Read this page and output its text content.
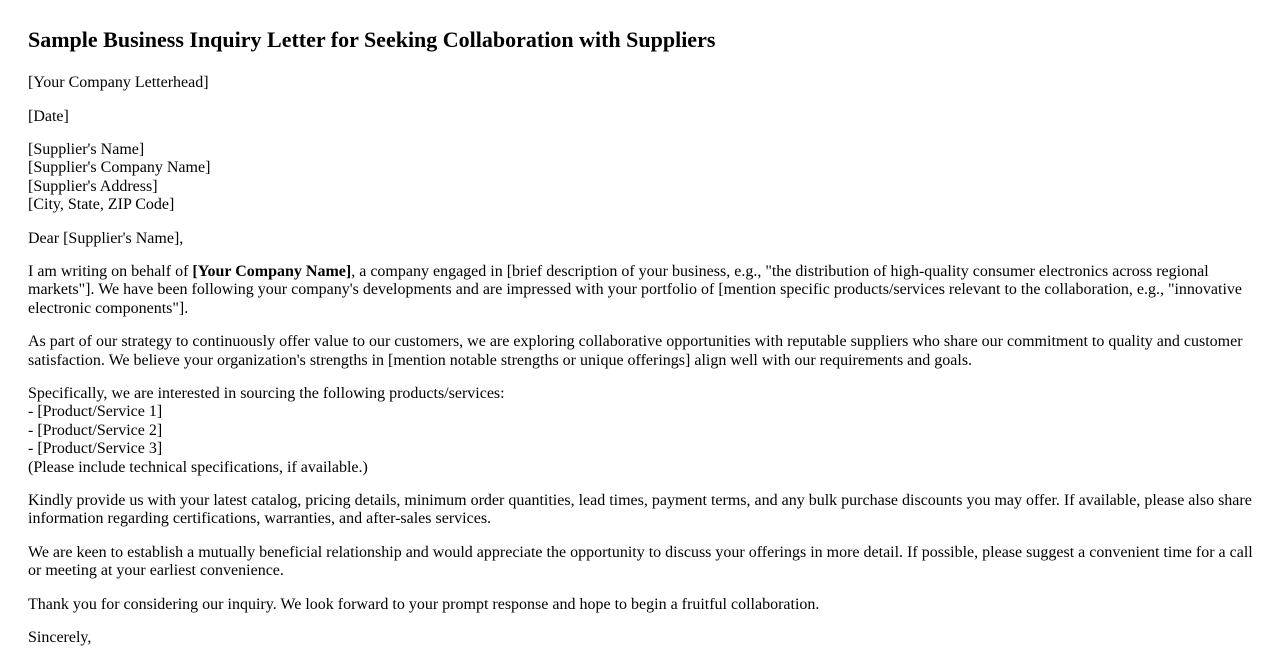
Sample Business Inquiry Letter for Seeking Collaboration with Suppliers

[Your Company Letterhead]

[Date]

[Supplier's Name]
[Supplier's Company Name]
[Supplier's Address]
[City, State, ZIP Code]

Dear [Supplier's Name],

I am writing on behalf of [Your Company Name], a company engaged in [brief description of your business, e.g., "the distribution of high-quality consumer electronics across regional markets"]. We have been following your company's developments and are impressed with your portfolio of [mention specific products/services relevant to the collaboration, e.g., "innovative electronic components"].

As part of our strategy to continuously offer value to our customers, we are exploring collaborative opportunities with reputable suppliers who share our commitment to quality and customer satisfaction. We believe your organization's strengths in [mention notable strengths or unique offerings] align well with our requirements and goals.

Specifically, we are interested in sourcing the following products/services:
- [Product/Service 1]
- [Product/Service 2]
- [Product/Service 3]
(Please include technical specifications, if available.)

Kindly provide us with your latest catalog, pricing details, minimum order quantities, lead times, payment terms, and any bulk purchase discounts you may offer. If available, please also share information regarding certifications, warranties, and after-sales services.

We are keen to establish a mutually beneficial relationship and would appreciate the opportunity to discuss your offerings in more detail. If possible, please suggest a convenient time for a call or meeting at your earliest convenience.

Thank you for considering our inquiry. We look forward to your prompt response and hope to begin a fruitful collaboration.

Sincerely,
